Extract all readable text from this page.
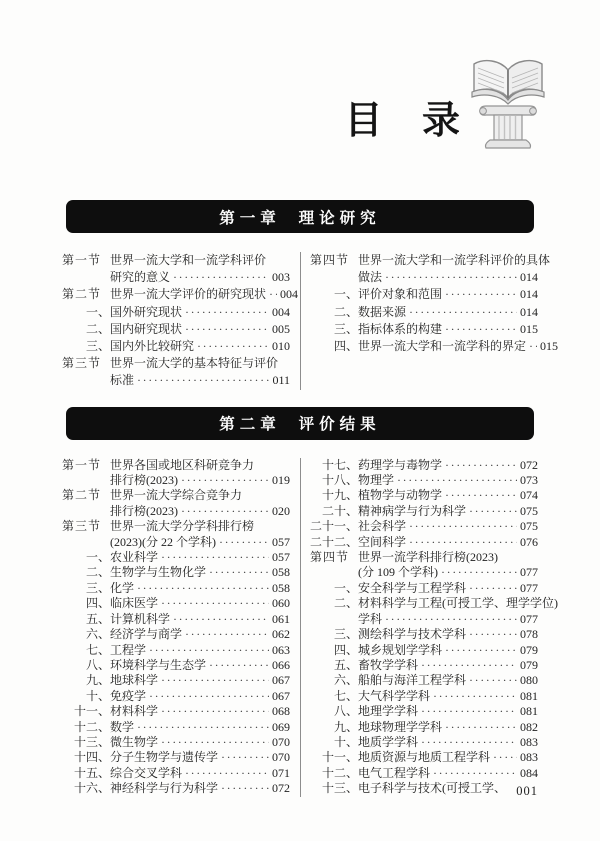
目 录
第一章 理论研究
第一节 世界一流大学和一流学科评价
研究的意义 ·····	003
第二节 世界一流大学评价的研究现状 ····· 004
一、 国外研究现状 ·····	004
二、 国内研究现状 ·····	005
三、 国内外比较研究 ·····	010
第三节 世界一流大学的基本特征与评价
标准 ·····	011
第四节 世界一流大学和一流学科评价的具体
做法 ·····	014
一、 评价对象和范围 ·····	014
二、 数据来源 ·····	014
三、 指标体系的构建 ·····	015
四、 世界一流大学和一流学科的界定 ····· 015
第二章 评价结果
第一节 世界各国或地区科研竞争力
排行榜(2023) ·····	019
第二节 世界一流大学综合竞争力
排行榜(2023) ·····	020
第三节 世界一流大学分学科排行榜
(2023)(分 22 个学科) ·····	057
一、 农业科学 ·····	057
二、 生物学与生物化学 ·····	058
三、 化学 ·····	058
四、 临床医学 ·····	060
五、 计算机科学 ·····	061
六、 经济学与商学 ·····	062
七、 工程学 ·····	063
八、 环境科学与生态学 ·····	066
九、 地球科学 ·····	067
十、 免疫学 ·····	067
十一、 材料科学 ·····	068
十二、 数学 ·····	069
十三、 微生物学 ·····	070
十四、 分子生物学与遗传学 ·····	070
十五、 综合交叉学科 ·····	071
十六、 神经科学与行为科学 ·····	072
十七、 药理学与毒物学 ·····	072
十八、 物理学 ·····	073
十九、 植物学与动物学 ·····	074
二十、 精神病学与行为科学 ·····	075
二十一、 社会科学 ·····	075
二十二、 空间科学 ·····	076
第四节 世界一流学科排行榜(2023)
(分 109 个学科) ·····	077
一、 安全科学与工程学科 ·····	077
二、 材料科学与工程(可授工学、理学学位)
学科 ·····	077
三、 测绘科学与技术学科 ·····	078
四、 城乡规划学学科 ·····	079
五、 畜牧学学科 ·····	079
六、 船舶与海洋工程学科 ·····	080
七、 大气科学学科 ·····	081
八、 地理学学科 ·····	081
九、 地球物理学学科 ·····	082
十、 地质学学科 ·····	083
十一、 地质资源与地质工程学科 ····· 083
十二、 电气工程学科 ·····	084
十三、 电子科学与技术(可授工学、 001
